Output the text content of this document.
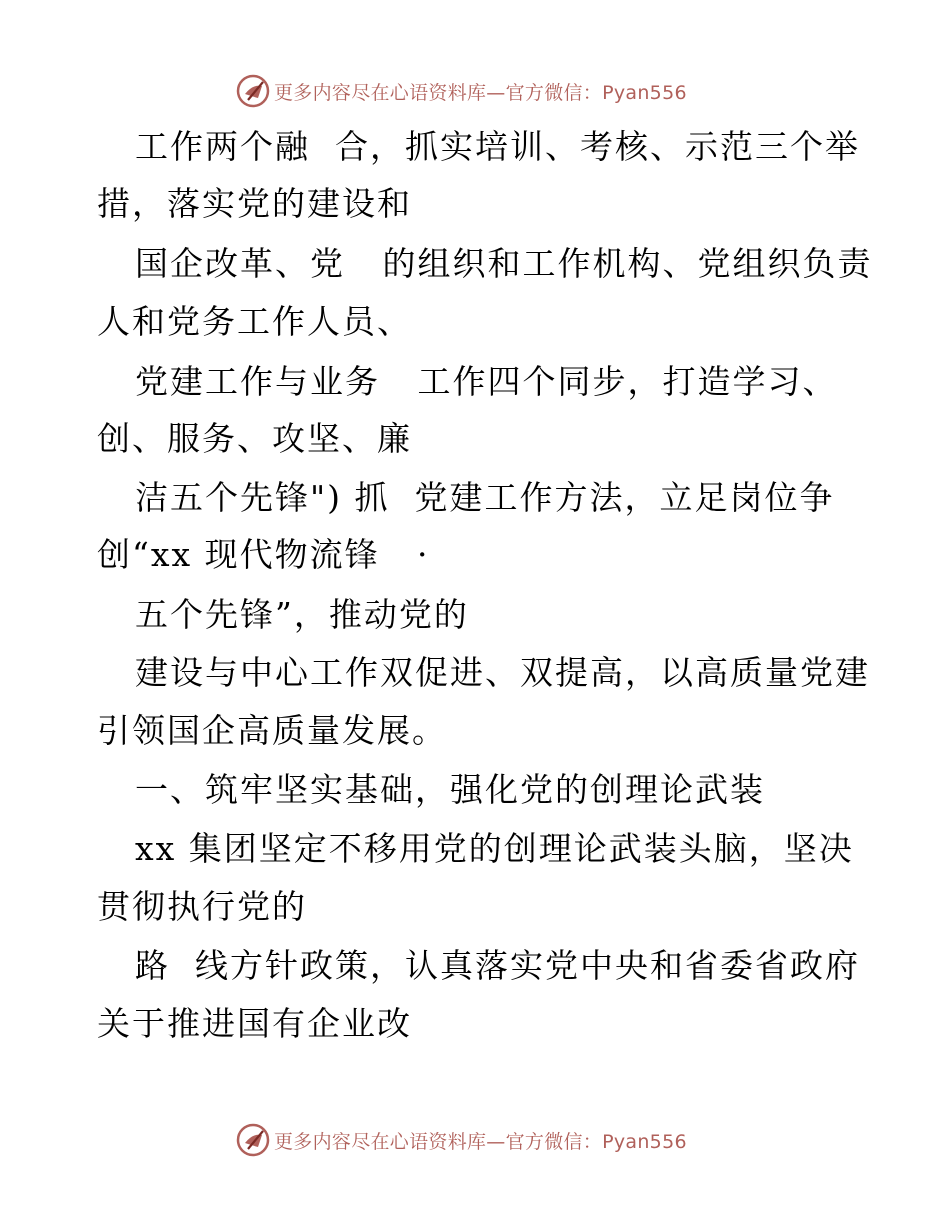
更多内容尽在心语资料库—官方微信：Pyan556
工作两个融  合，抓实培训、考核、示范三个举
措，落实党的建设和
国企改革、党   的组织和工作机构、党组织负责
人和党务工作人员、
党建工作与业务   工作四个同步，打造学习、
创、服务、攻坚、廉
洁五个先锋") 抓  党建工作方法，立足岗位争
创“xx 现代物流锋   ·
五个先锋”，推动党的
建设与中心工作双促进、双提高，以高质量党建
引领国企高质量发展。
一、筑牢坚实基础，强化党的创理论武装
xx 集团坚定不移用党的创理论武装头脑，坚决
贯彻执行党的
路  线方针政策，认真落实党中央和省委省政府
关于推进国有企业改
更多内容尽在心语资料库—官方微信：Pyan556
